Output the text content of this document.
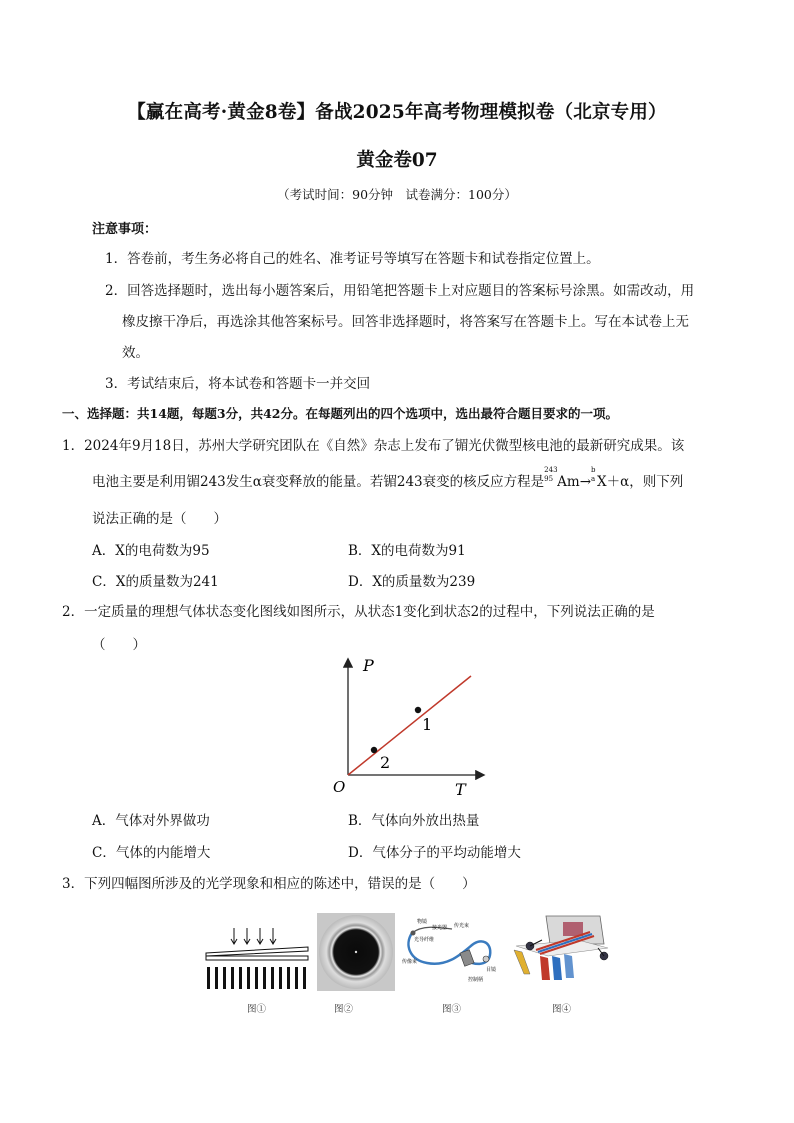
【赢在高考·黄金8卷】备战2025年高考物理模拟卷（北京专用）
黄金卷07
（考试时间：90分钟　试卷满分：100分）
注意事项：
1．答卷前，考生务必将自己的姓名、准考证号等填写在答题卡和试卷指定位置上。
2．回答选择题时，选出每小题答案后，用铅笔把答题卡上对应题目的答案标号涂黑。如需改动，用
橡皮擦干净后，再选涂其他答案标号。回答非选择题时，将答案写在答题卡上。写在本试卷上无
效。
3．考试结束后，将本试卷和答题卡一并交回
一、选择题：共14题，每题3分，共42分。在每题列出的四个选项中，选出最符合题目要求的一项。
1．2024年9月18日，苏州大学研究团队在《自然》杂志上发布了镅光伏微型核电池的最新研究成果。该
电池主要是利用镅243发生α衰变释放的能量。若镅243衰变的核反应方程是
243
95 Am→
b
a X＋α，则下列
说法正确的是（　　）
A．X的电荷数为95	B．X的电荷数为91
C．X的质量数为241	D．X的质量数为239
2．一定质量的理想气体状态变化图线如图所示，从状态1变化到状态2的过程中，下列说法正确的是
（　　）
P
T
O
1
2
A．气体对外界做功	B．气体向外放出热量
C．气体的内能增大	D．气体分子的平均动能增大
3．下列四幅图所涉及的光学现象和相应的陈述中，错误的是（　　）
图①	图②
物镜
接光器
光导纤维
传光束
传像束
目镜
控制柄
图③	图④
